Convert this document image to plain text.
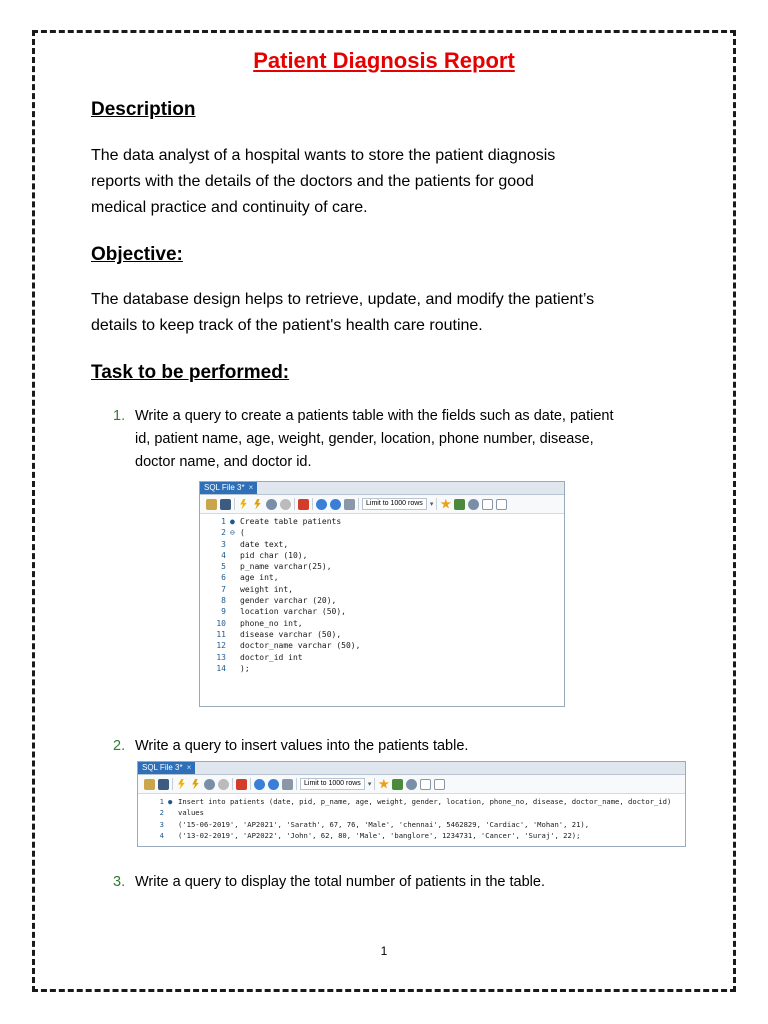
Patient Diagnosis Report
Description
The data analyst of a hospital wants to store the patient diagnosis
reports with the details of the doctors and the patients for good
medical practice and continuity of care.
Objective:
The database design helps to retrieve, update, and modify the patient’s
details to keep track of the patient's health care routine.
Task to be performed:
1. Write a query to create a patients table with the fields such as date, patient
id, patient name, age, weight, gender, location, phone number, disease,
doctor name, and doctor id.
SQL File 3* ×
Limit to 1000 rows	▾
1 ● Create table patients
2 ⊖ (
3	date text,
4	pid char (10),
5	p_name varchar(25),
6	age int,
7	weight int,
8	gender varchar (20),
9	location varchar (50),
10	phone_no int,
11	disease varchar (50),
12	doctor_name varchar (50),
13	doctor_id int
14	);
2. Write a query to insert values into the patients table.
SQL File 3* ×
Limit to 1000 rows	▾
1 ● Insert into patients (date, pid, p_name, age, weight, gender, location, phone_no, disease, doctor_name, doctor_id)
2	values
3	('15-06-2019', 'AP2021', 'Sarath', 67, 76, 'Male', 'chennai', 5462829, 'Cardiac', 'Mohan', 21),
4	('13-02-2019', 'AP2022', 'John', 62, 80, 'Male', 'banglore', 1234731, 'Cancer', 'Suraj', 22);
3. Write a query to display the total number of patients in the table.
1
